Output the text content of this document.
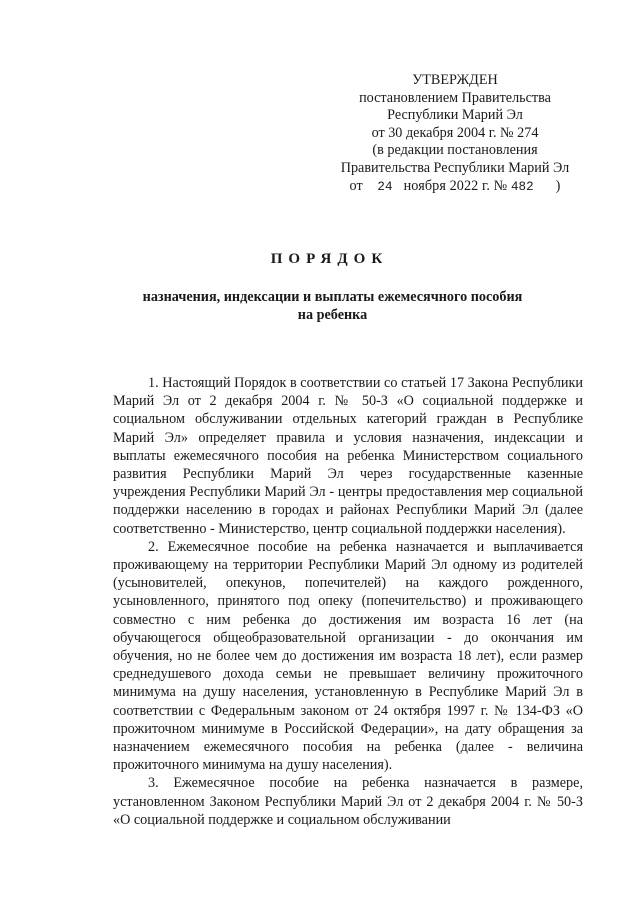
УТВЕРЖДЕН
постановлением Правительства
Республики Марий Эл
от 30 декабря 2004 г. № 274
(в редакции постановления
Правительства Республики Марий Эл
от 24 ноября 2022 г. № 482 )
ПОРЯДОК
назначения, индексации и выплаты ежемесячного пособия
на ребенка

1. Настоящий Порядок в соответствии со статьей 17 Закона Республики Марий Эл от 2 декабря 2004 г. № 50-З «О социальной поддержке и социальном обслуживании отдельных категорий граждан в Республике Марий Эл» определяет правила и условия назначения, индексации и выплаты ежемесячного пособия на ребенка Министерством социального развития Республики Марий Эл через государственные казенные учреждения Республики Марий Эл - центры предоставления мер социальной поддержки населению в городах и районах Республики Марий Эл (далее соответственно - Министерство, центр социальной поддержки населения).

2. Ежемесячное пособие на ребенка назначается и выплачивается проживающему на территории Республики Марий Эл одному из родителей (усыновителей, опекунов, попечителей) на каждого рожденного, усыновленного, принятого под опеку (попечительство) и проживающего совместно с ним ребенка до достижения им возраста 16 лет (на обучающегося общеобразовательной организации - до окончания им обучения, но не более чем до достижения им возраста 18 лет), если размер среднедушевого дохода семьи не превышает величину прожиточного минимума на душу населения, установленную в Республике Марий Эл в соответствии с Федеральным законом от 24 октября 1997 г. № 134-ФЗ «О прожиточном минимуме в Российской Федерации», на дату обращения за назначением ежемесячного пособия на ребенка (далее - величина прожиточного минимума на душу населения).

3. Ежемесячное пособие на ребенка назначается в размере, установленном Законом Республики Марий Эл от 2 декабря 2004 г. № 50-З «О социальной поддержке и социальном обслуживании
